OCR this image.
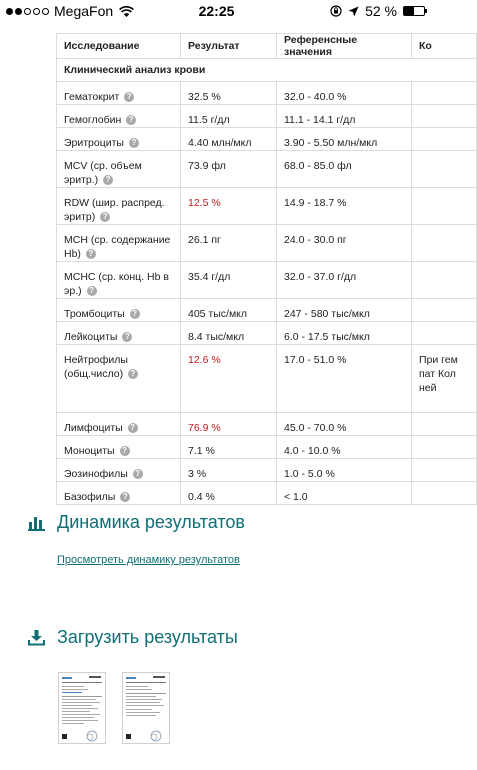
MegaFon	22:25	52 %
Исследование	Результат	Референсные значения	Ко
Клинический анализ крови			
Гематокрит ?	32.5 %	32.0 - 40.0 %	
Гемоглобин ?	11.5 г/дл	11.1 - 14.1 г/дл	
Эритроциты ?	4.40 млн/мкл	3.90 - 5.50 млн/мкл	
MCV (ср. объем эритр.) ?	73.9 фл	68.0 - 85.0 фл	
RDW (шир. распред. эритр) ?	12.5 %	14.9 - 18.7 %	
MCH (ср. содержание Hb) ?	26.1 пг	24.0 - 30.0 пг	
MCHC (ср. конц. Hb в эр.) ?	35.4 г/дл	32.0 - 37.0 г/дл	
Тромбоциты ?	405 тыс/мкл	247 - 580 тыс/мкл	
Лейкоциты ?	8.4 тыс/мкл	6.0 - 17.5 тыс/мкл	
Нейтрофилы (общ.число) ?	12.6 %	17.0 - 51.0 %	При гем пат Кол ней
Лимфоциты ?	76.9 %	45.0 - 70.0 %	
Моноциты ?	7.1 %	4.0 - 10.0 %	
Эозинофилы ?	3 %	1.0 - 5.0 %	
Базофилы ?	0.4 %	< 1.0	
Динамика результатов
Просмотреть динамику результатов
Загрузить результаты
